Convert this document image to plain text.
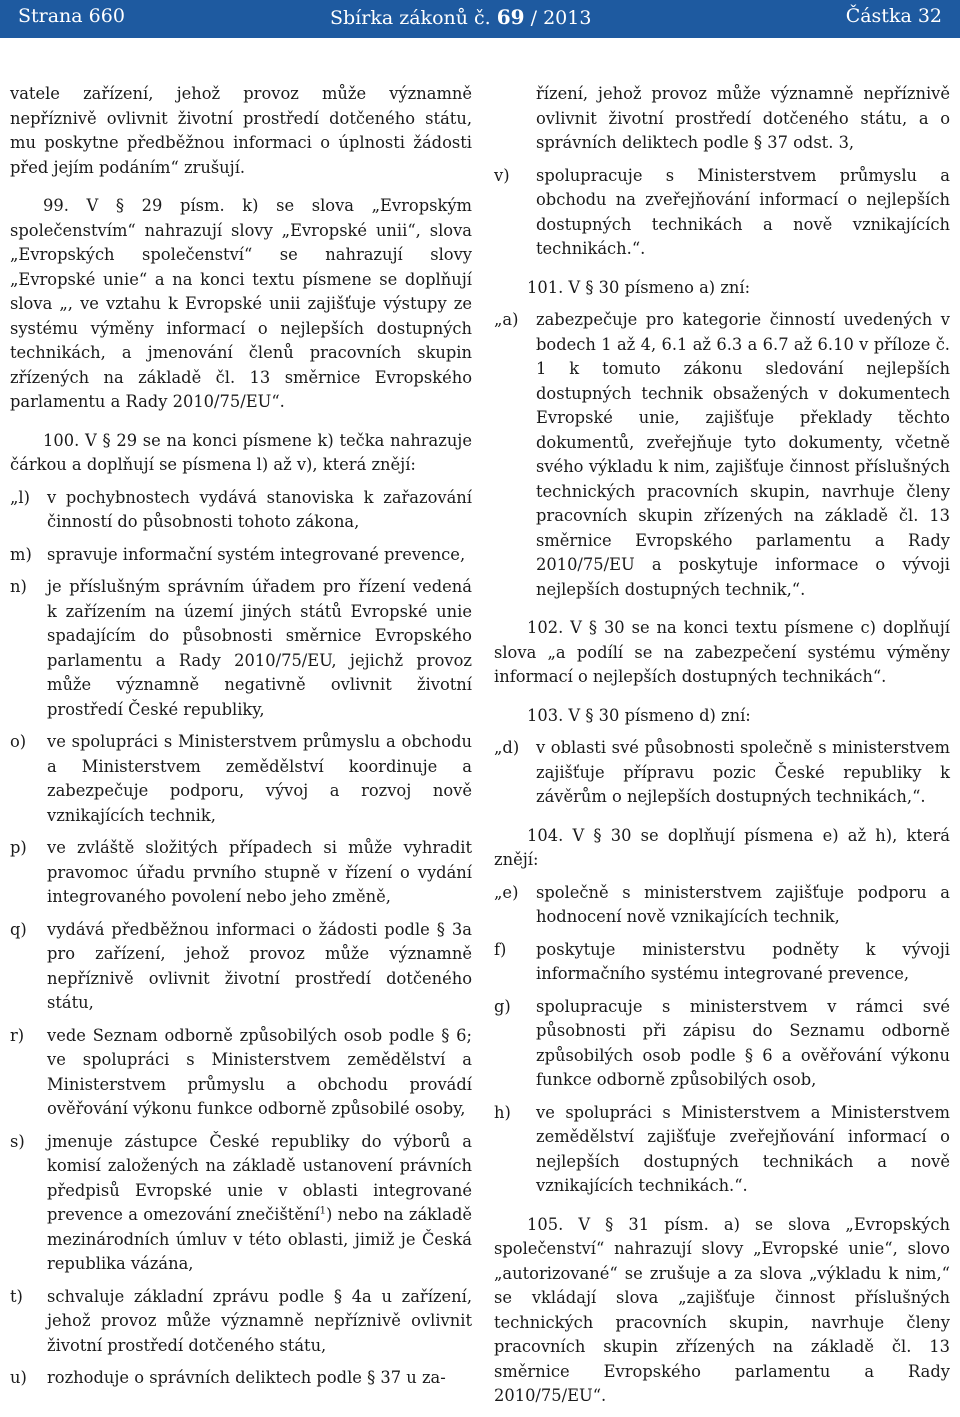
Strana 660	Sbírka zákonů č. 69 / 2013	Částka 32

vatele zařízení, jehož provoz může významně nepříznivě ovlivnit životní prostředí dotčeného státu, mu poskytne předběžnou informaci o úplnosti žádosti před jejím podáním“ zrušují.

99. V § 29 písm. k) se slova „Evropským společenstvím“ nahrazují slovy „Evropské unii“, slova „Evropských společenství“ se nahrazují slovy „Evropské unie“ a na konci textu písmene se doplňují slova „, ve vztahu k Evropské unii zajišťuje výstupy ze systému výměny informací o nejlepších dostupných technikách, a jmenování členů pracovních skupin zřízených na základě čl. 13 směrnice Evropského parlamentu a Rady 2010/75/EU“.

100. V § 29 se na konci písmene k) tečka nahrazuje čárkou a doplňují se písmena l) až v), která znějí:

„l)	v pochybnostech vydává stanoviska k zařazování činností do působnosti tohoto zákona,
m) spravuje informační systém integrované prevence,
n)	je příslušným správním úřadem pro řízení vedená k zařízením na území jiných států Evropské unie spadajícím do působnosti směrnice Evropského parlamentu a Rady 2010/75/EU, jejichž provoz může významně negativně ovlivnit životní prostředí České republiky,
o)	ve spolupráci s Ministerstvem průmyslu a obchodu a Ministerstvem zemědělství koordinuje a zabezpečuje podporu, vývoj a rozvoj nově vznikajících technik,
p)	ve zvláště složitých případech si může vyhradit pravomoc úřadu prvního stupně v řízení o vydání integrovaného povolení nebo jeho změně,
q)	vydává předběžnou informaci o žádosti podle § 3a pro zařízení, jehož provoz může významně nepříznivě ovlivnit životní prostředí dotčeného státu,
r)	vede Seznam odborně způsobilých osob podle § 6; ve spolupráci s Ministerstvem zemědělství a Ministerstvem průmyslu a obchodu provádí ověřování výkonu funkce odborně způsobilé osoby,
s)	jmenuje zástupce České republiky do výborů a komisí založených na základě ustanovení právních předpisů Evropské unie v oblasti integrované prevence a omezování znečištění$^1$) nebo na základě mezinárodních úmluv v této oblasti, jimiž je Česká republika vázána,
t)	schvaluje základní zprávu podle § 4a u zařízení, jehož provoz může významně nepříznivě ovlivnit životní prostředí dotčeného státu,
u)	rozhoduje o správních deliktech podle § 37 u za-
řízení, jehož provoz může významně nepříznivě ovlivnit životní prostředí dotčeného státu, a o správních deliktech podle § 37 odst. 3,
v)	spolupracuje s Ministerstvem průmyslu a obchodu na zveřejňování informací o nejlepších dostupných technikách a nově vznikajících technikách.“.

101. V § 30 písmeno a) zní:

„a)	zabezpečuje pro kategorie činností uvedených v bodech 1 až 4, 6.1 až 6.3 a 6.7 až 6.10 v příloze č. 1 k tomuto zákonu sledování nejlepších dostupných technik obsažených v dokumentech Evropské unie, zajišťuje překlady těchto dokumentů, zveřejňuje tyto dokumenty, včetně svého výkladu k nim, zajišťuje činnost příslušných technických pracovních skupin, navrhuje členy pracovních skupin zřízených na základě čl. 13 směrnice Evropského parlamentu a Rady 2010/75/EU a poskytuje informace o vývoji nejlepších dostupných technik,“.

102. V § 30 se na konci textu písmene c) doplňují slova „a podílí se na zabezpečení systému výměny informací o nejlepších dostupných technikách“.

103. V § 30 písmeno d) zní:

„d)	v oblasti své působnosti společně s ministerstvem zajišťuje přípravu pozic České republiky k závěrům o nejlepších dostupných technikách,“.

104. V § 30 se doplňují písmena e) až h), která znějí:

„e)	společně s ministerstvem zajišťuje podporu a hodnocení nově vznikajících technik,
f)	poskytuje ministerstvu podněty k vývoji informačního systému integrované prevence,
g)	spolupracuje s ministerstvem v rámci své působnosti při zápisu do Seznamu odborně způsobilých osob podle § 6 a ověřování výkonu funkce odborně způsobilých osob,
h)	ve spolupráci s Ministerstvem a Ministerstvem zemědělství zajišťuje zveřejňování informací o nejlepších dostupných technikách a nově vznikajících technikách.“.

105. V § 31 písm. a) se slova „Evropských společenství“ nahrazují slovy „Evropské unie“, slovo „autorizované“ se zrušuje a za slova „výkladu k nim,“ se vkládají slova „zajišťuje činnost příslušných technických pracovních skupin, navrhuje členy pracovních skupin zřízených na základě čl. 13 směrnice Evropského parlamentu a Rady 2010/75/EU“.
